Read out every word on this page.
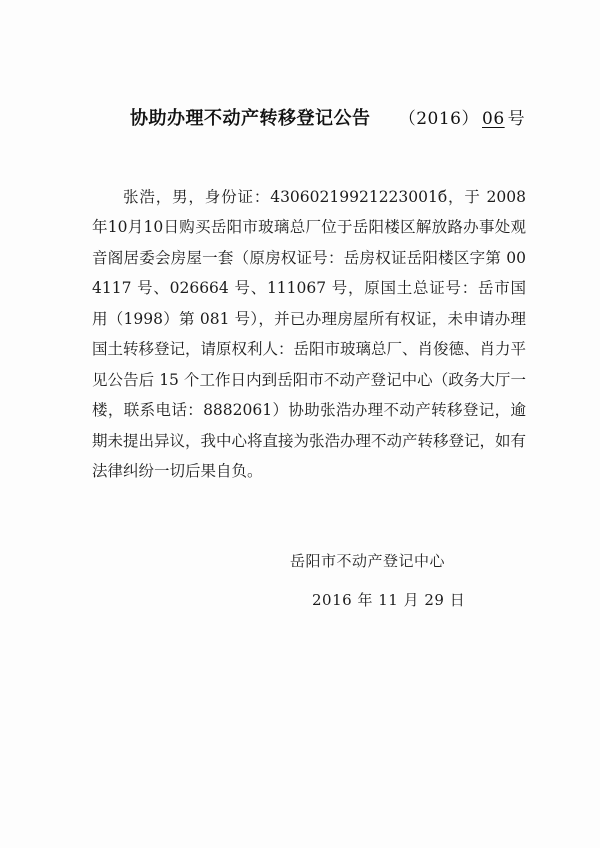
协助办理不动产转移登记公告 （2016） 06 号

张浩，男，身份证：43060219921223001б，于 2008年10月10日购买岳阳市玻璃总厂位于岳阳楼区解放路办事处观音阁居委会房屋一套（原房权证号：岳房权证岳阳楼区字第 004117 号、026664 号、111067 号，原国土总证号：岳市国用（1998）第 081 号），并已办理房屋所有权证，未申请办理国土转移登记，请原权利人：岳阳市玻璃总厂、肖俊德、肖力平见公告后 15 个工作日内到岳阳市不动产登记中心（政务大厅一楼，联系电话：8882061）协助张浩办理不动产转移登记，逾期未提出异议，我中心将直接为张浩办理不动产转移登记，如有法律纠纷一切后果自负。

岳阳市不动产登记中心
2016 年 11 月 29 日
